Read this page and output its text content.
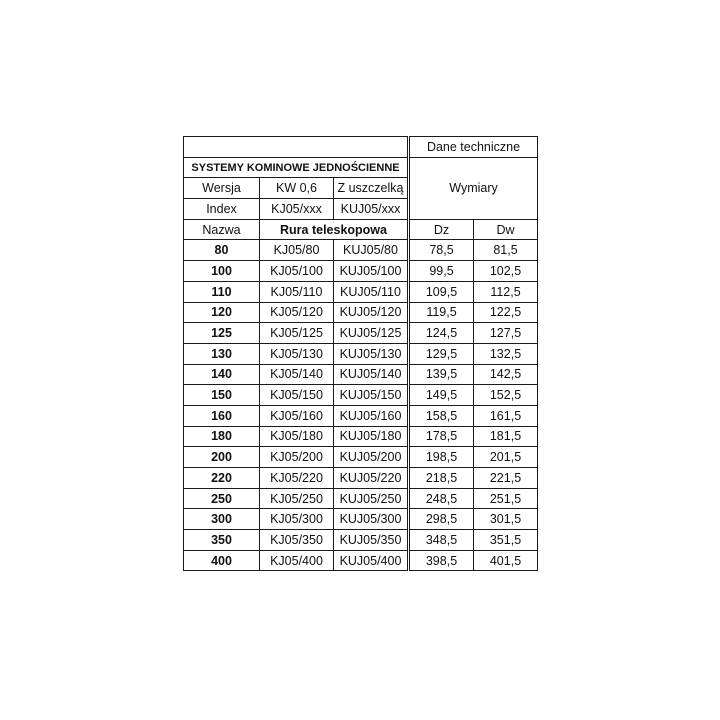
				Dane techniczne	
SYSTEMY KOMINOWE JEDNOŚCIENNE				Wymiary	
Wersja	KW 0,6	Z uszczelką			
Index	KJ05/xxx	KUJ05/xxx			
Nazwa	Rura teleskopowa			Dz	Dw
80	KJ05/80	KUJ05/80		78,5	81,5
100	KJ05/100	KUJ05/100		99,5	102,5
110	KJ05/110	KUJ05/110		109,5	112,5
120	KJ05/120	KUJ05/120		119,5	122,5
125	KJ05/125	KUJ05/125		124,5	127,5
130	KJ05/130	KUJ05/130		129,5	132,5
140	KJ05/140	KUJ05/140		139,5	142,5
150	KJ05/150	KUJ05/150		149,5	152,5
160	KJ05/160	KUJ05/160		158,5	161,5
180	KJ05/180	KUJ05/180		178,5	181,5
200	KJ05/200	KUJ05/200		198,5	201,5
220	KJ05/220	KUJ05/220		218,5	221,5
250	KJ05/250	KUJ05/250		248,5	251,5
300	KJ05/300	KUJ05/300		298,5	301,5
350	KJ05/350	KUJ05/350		348,5	351,5
400	KJ05/400	KUJ05/400		398,5	401,5
